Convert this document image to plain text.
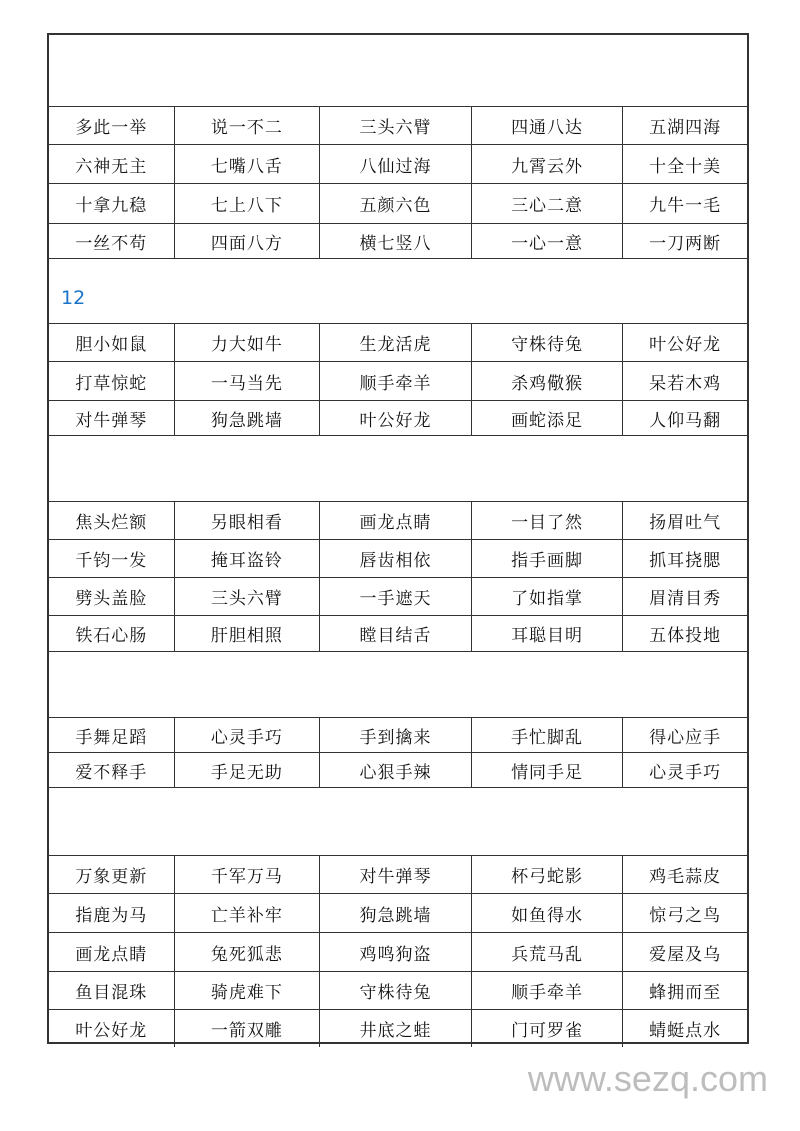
多此一举	说一不二	三头六臂	四通八达	五湖四海
六神无主	七嘴八舌	八仙过海	九霄云外	十全十美
十拿九稳	七上八下	五颜六色	三心二意	九牛一毛
一丝不苟	四面八方	横七竖八	一心一意	一刀两断
12
胆小如鼠	力大如牛	生龙活虎	守株待兔	叶公好龙
打草惊蛇	一马当先	顺手牵羊	杀鸡儆猴	呆若木鸡
对牛弹琴	狗急跳墙	叶公好龙	画蛇添足	人仰马翻
焦头烂额	另眼相看	画龙点睛	一目了然	扬眉吐气
千钧一发	掩耳盗铃	唇齿相依	指手画脚	抓耳挠腮
劈头盖脸	三头六臂	一手遮天	了如指掌	眉清目秀
铁石心肠	肝胆相照	瞠目结舌	耳聪目明	五体投地
手舞足蹈	心灵手巧	手到擒来	手忙脚乱	得心应手
爱不释手	手足无助	心狠手辣	情同手足	心灵手巧
万象更新	千军万马	对牛弹琴	杯弓蛇影	鸡毛蒜皮
指鹿为马	亡羊补牢	狗急跳墙	如鱼得水	惊弓之鸟
画龙点睛	兔死狐悲	鸡鸣狗盗	兵荒马乱	爱屋及乌
鱼目混珠	骑虎难下	守株待兔	顺手牵羊	蜂拥而至
叶公好龙	一箭双雕	井底之蛙	门可罗雀	蜻蜓点水
www.sezq.com
